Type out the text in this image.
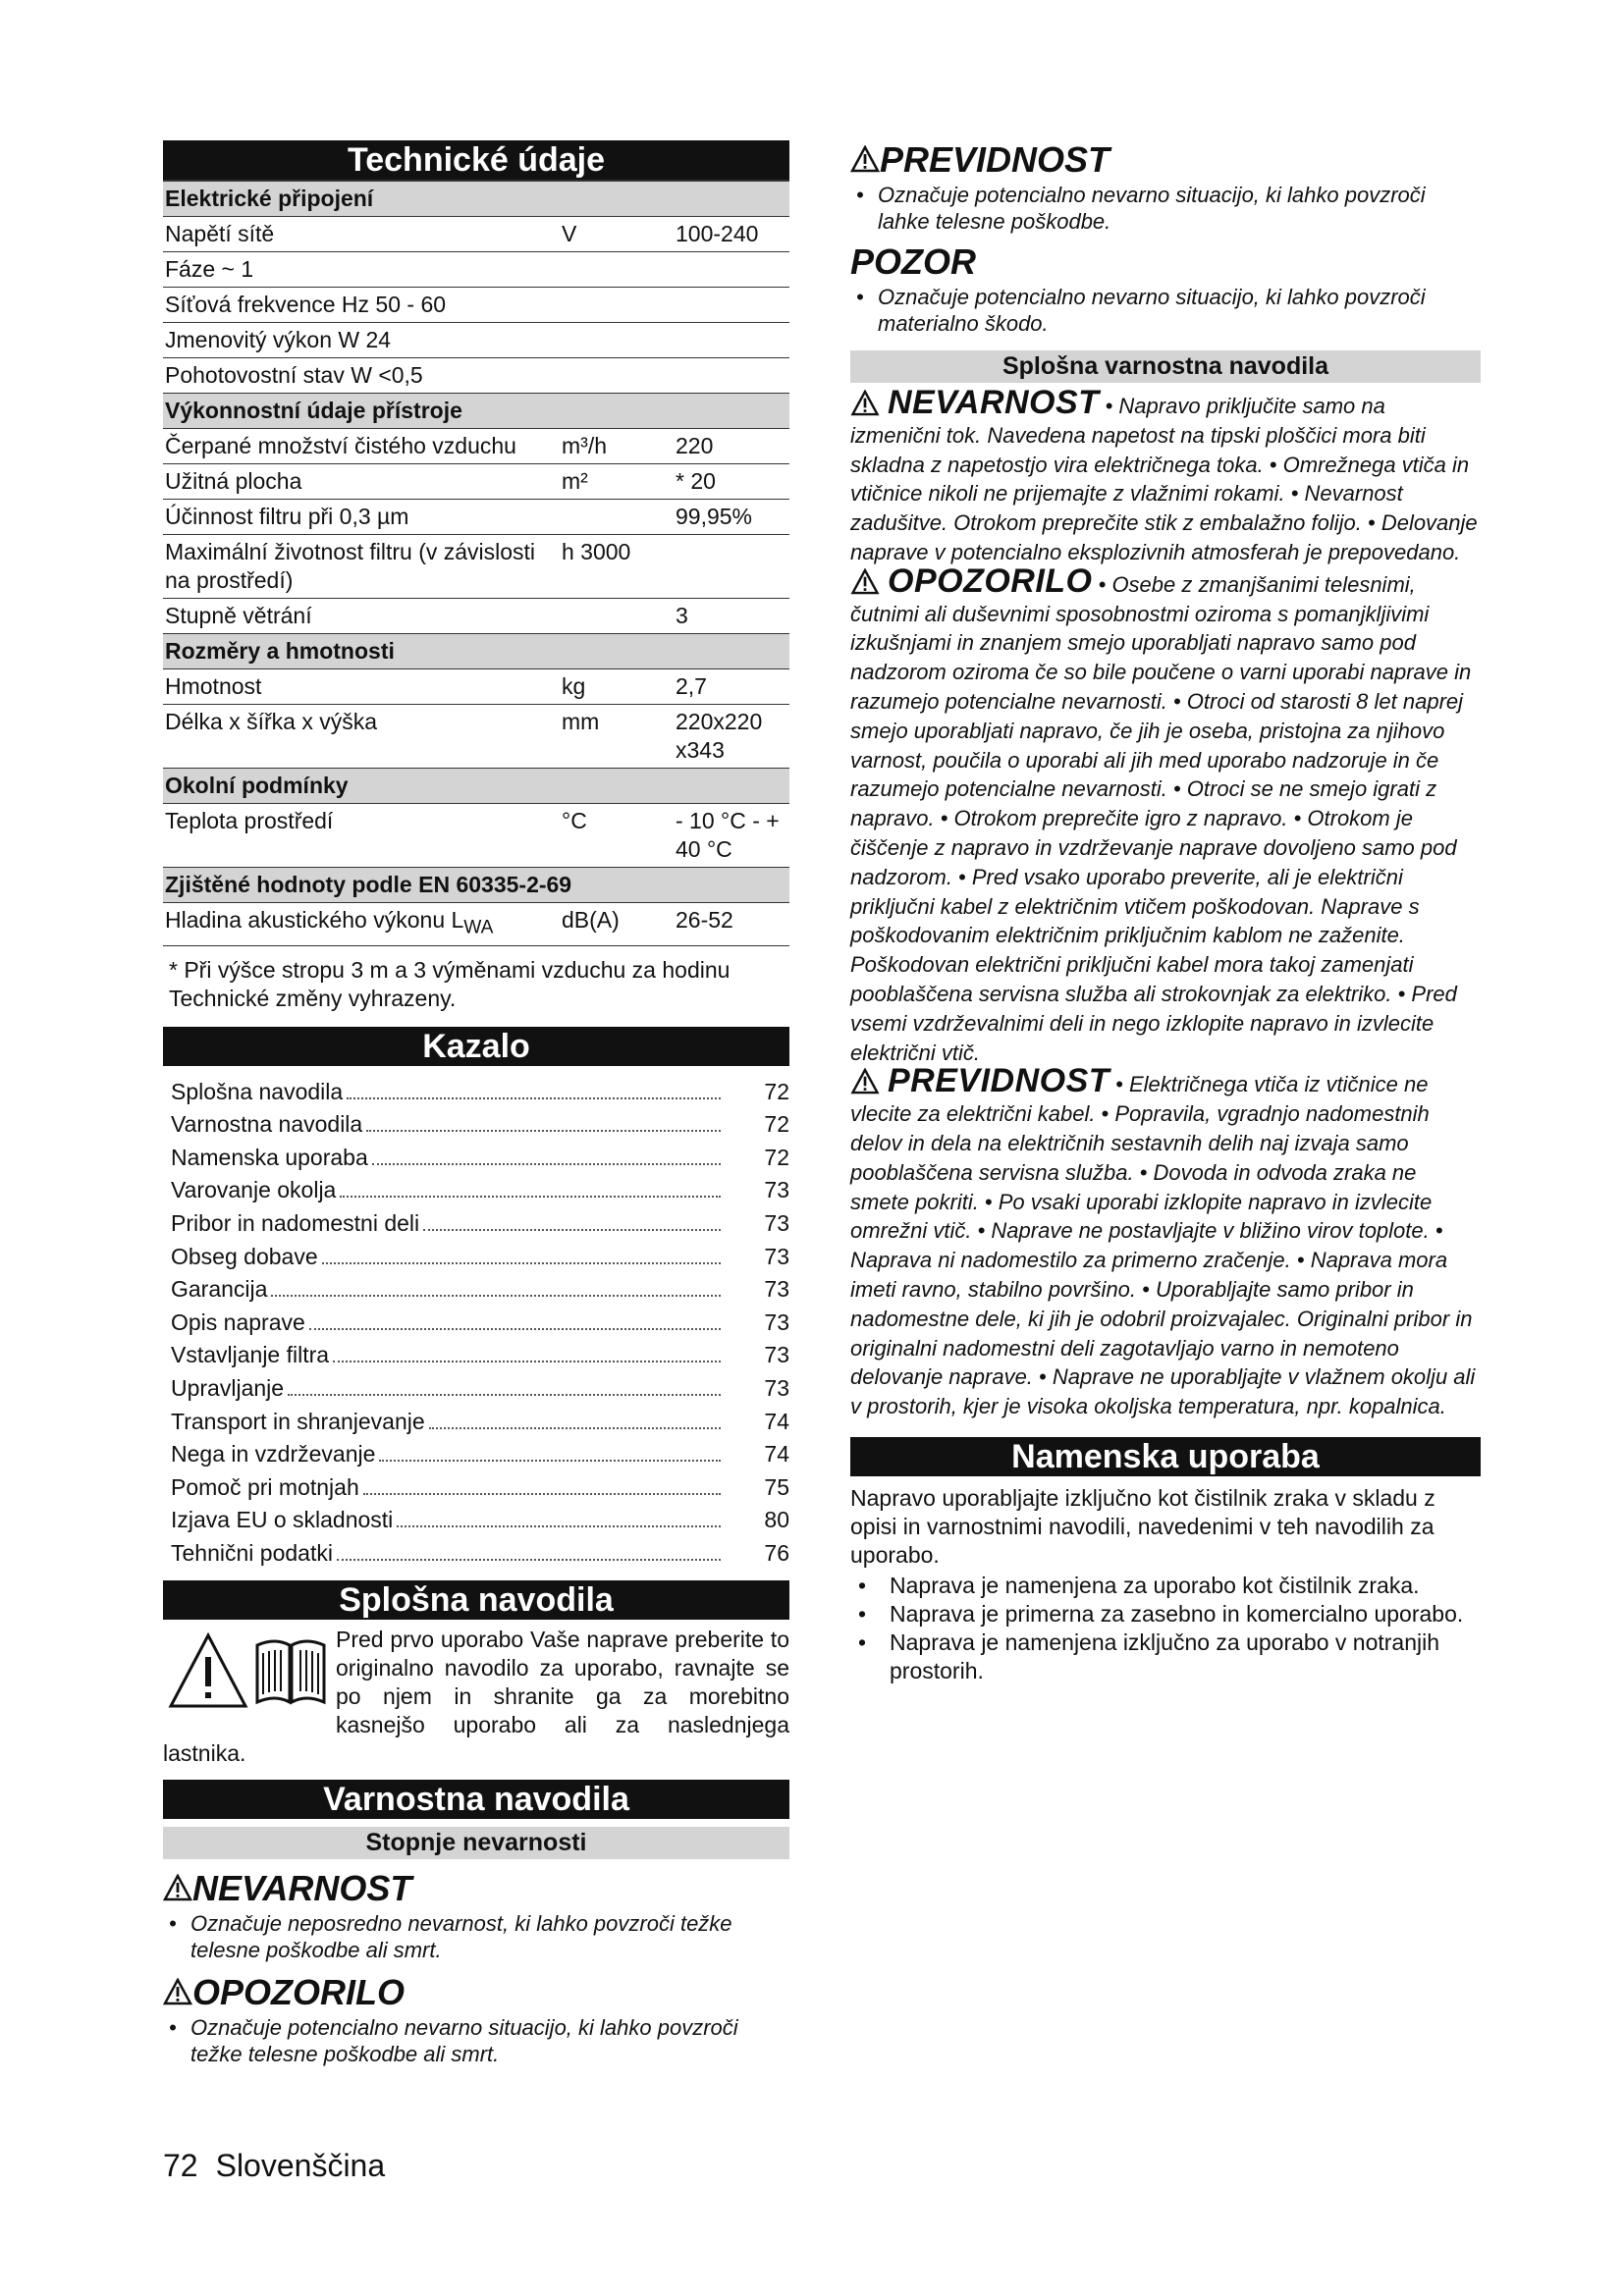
Technické údaje
Elektrické připojení		
Napětí sítě	V	100-240
Fáze ~ 1		
Síťová frekvence Hz 50 - 60		
Jmenovitý výkon W 24		
Pohotovostní stav W <0,5		
Výkonnostní údaje přístroje		
Čerpané množství čistého vzduchu	m³/h	220
Užitná plocha	m²	* 20
Účinnost filtru při 0,3 µm		99,95%
Maximální životnost filtru (v závislosti na prostředí)	h 3000	
Stupně větrání		3
Rozměry a hmotnosti		
Hmotnost	kg	2,7
Délka x šířka x výška	mm	220x220 x343
Okolní podmínky		
Teplota prostředí	°C	- 10 °C - + 40 °C
Zjištěné hodnoty podle EN 60335-2-69		
Hladina akustického výkonu $L_{WA}$	dB(A)	26-52

* Při výšce stropu 3 m a 3 výměnami vzduchu za hodinu

Technické změny vyhrazeny.

Kazalo
Splošna navodila	72
Varnostna navodila	72
Namenska uporaba	72
Varovanje okolja	73
Pribor in nadomestni deli	73
Obseg dobave	73
Garancija	73
Opis naprave	73
Vstavljanje filtra	73
Upravljanje	73
Transport in shranjevanje	74
Nega in vzdrževanje	74
Pomoč pri motnjah	75
Izjava EU o skladnosti	80
Tehnični podatki	76
Splošna navodila

Pred prvo uporabo Vaše naprave preberite to originalno navodilo za uporabo, ravnajte se po njem in shranite ga za morebitno kasnejšo uporabo ali za naslednjega lastnika.

Varnostna navodila
Stopnje nevarnosti
NEVARNOST
• Označuje neposredno nevarnost, ki lahko povzroči težke telesne poškodbe ali smrt.
OPOZORILO
• Označuje potencialno nevarno situacijo, ki lahko povzroči težke telesne poškodbe ali smrt.
PREVIDNOST
• Označuje potencialno nevarno situacijo, ki lahko povzroči lahke telesne poškodbe.
POZOR
• Označuje potencialno nevarno situacijo, ki lahko povzroči materialno škodo.
Splošna varnostna navodila

NEVARNOST • Napravo priključite samo na izmenični tok. Navedena napetost na tipski ploščici mora biti skladna z napetostjo vira električnega toka. • Omrežnega vtiča in vtičnice nikoli ne prijemajte z vlažnimi rokami. • Nevarnost zadušitve. Otrokom preprečite stik z embalažno folijo. • Delovanje naprave v potencialno eksplozivnih atmosferah je prepovedano.

OPOZORILO • Osebe z zmanjšanimi telesnimi, čutnimi ali duševnimi sposobnostmi oziroma s pomanjkljivimi izkušnjami in znanjem smejo uporabljati napravo samo pod nadzorom oziroma če so bile poučene o varni uporabi naprave in razumejo potencialne nevarnosti. • Otroci od starosti 8 let naprej smejo uporabljati napravo, če jih je oseba, pristojna za njihovo varnost, poučila o uporabi ali jih med uporabo nadzoruje in če razumejo potencialne nevarnosti. • Otroci se ne smejo igrati z napravo. • Otrokom preprečite igro z napravo. • Otrokom je čiščenje z napravo in vzdrževanje naprave dovoljeno samo pod nadzorom. • Pred vsako uporabo preverite, ali je električni priključni kabel z električnim vtičem poškodovan. Naprave s poškodovanim električnim priključnim kablom ne zaženite. Poškodovan električni priključni kabel mora takoj zamenjati pooblaščena servisna služba ali strokovnjak za elektriko. • Pred vsemi vzdrževalnimi deli in nego izklopite napravo in izvlecite električni vtič.

PREVIDNOST • Električnega vtiča iz vtičnice ne vlecite za električni kabel. • Popravila, vgradnjo nadomestnih delov in dela na električnih sestavnih delih naj izvaja samo pooblaščena servisna služba. • Dovoda in odvoda zraka ne smete pokriti. • Po vsaki uporabi izklopite napravo in izvlecite omrežni vtič. • Naprave ne postavljajte v bližino virov toplote. • Naprava ni nadomestilo za primerno zračenje. • Naprava mora imeti ravno, stabilno površino. • Uporabljajte samo pribor in nadomestne dele, ki jih je odobril proizvajalec. Originalni pribor in originalni nadomestni deli zagotavljajo varno in nemoteno delovanje naprave. • Naprave ne uporabljajte v vlažnem okolju ali v prostorih, kjer je visoka okoljska temperatura, npr. kopalnica.

Namenska uporaba

Napravo uporabljajte izključno kot čistilnik zraka v skladu z opisi in varnostnimi navodili, navedenimi v teh navodilih za uporabo.

• Naprava je namenjena za uporabo kot čistilnik zraka.
• Naprava je primerna za zasebno in komercialno uporabo.
• Naprava je namenjena izključno za uporabo v notranjih prostorih.
72 Slovenščina
